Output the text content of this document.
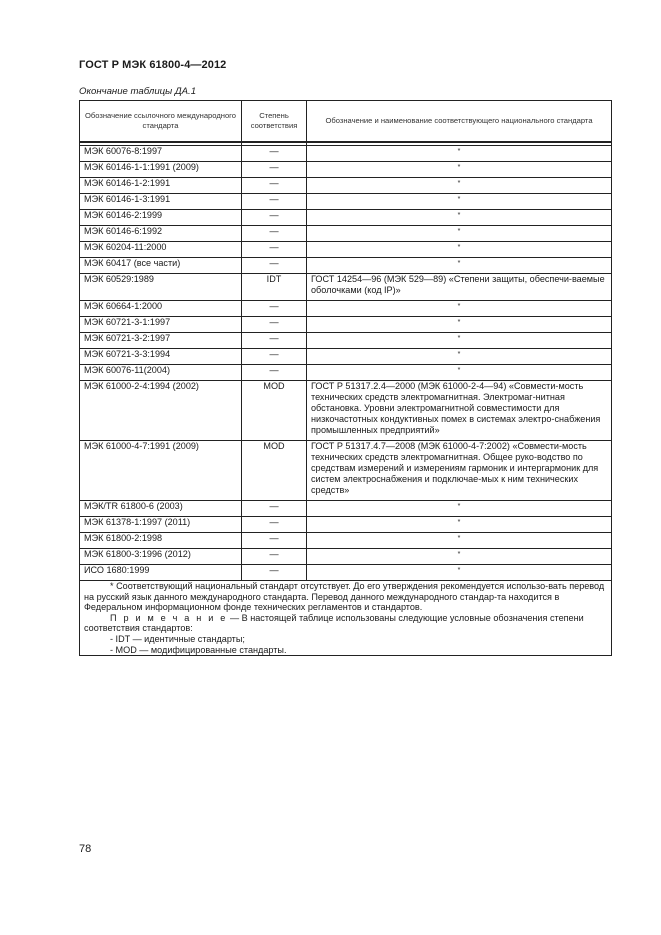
ГОСТ Р МЭК 61800-4—2012
Окончание таблицы ДА.1
Обозначение ссылочного международного стандарта	Степень соответствия	Обозначение и наименование соответствующего национального стандарта

МЭК 60076-8:1997	—	*
МЭК 60146-1-1:1991 (2009)	—	*
МЭК 60146-1-2:1991	—	*
МЭК 60146-1-3:1991	—	*
МЭК 60146-2:1999	—	*
МЭК 60146-6:1992	—	*
МЭК 60204-11:2000	—	*
МЭК 60417 (все части)	—	*
МЭК 60529:1989	IDT	ГОСТ 14254—96 (МЭК 529—89) «Степени защиты, обеспечи-ваемые оболочками (код IP)»
МЭК 60664-1:2000	—	*
МЭК 60721-3-1:1997	—	*
МЭК 60721-3-2:1997	—	*
МЭК 60721-3-3:1994	—	*
МЭК 60076-11(2004)	—	*
МЭК 61000-2-4:1994 (2002)	MOD	ГОСТ Р 51317.2.4—2000 (МЭК 61000-2-4—94) «Совмести-мость технических средств электромагнитная. Электромаг-нитная обстановка. Уровни электромагнитной совместимости для низкочастотных кондуктивных помех в системах электро-снабжения промышленных предприятий»
МЭК 61000-4-7:1991 (2009)	MOD	ГОСТ Р 51317.4.7—2008 (МЭК 61000-4-7:2002) «Совмести-мость технических средств электромагнитная. Общее руко-водство по средствам измерений и измерениям гармоник и интергармоник для систем электроснабжения и подключае-мых к ним технических средств»
МЭК/TR 61800-6 (2003)	—	*
МЭК 61378-1:1997 (2011)	—	*
МЭК 61800-2:1998	—	*
МЭК 61800-3:1996 (2012)	—	*
ИСО 1680:1999	—	*

* Соответствующий национальный стандарт отсутствует. До его утверждения рекомендуется использо-вать перевод на русский язык данного международного стандарта. Перевод данного международного стандар-та находится в Федеральном информационном фонде технических регламентов и стандартов.
П р и м е ч а н и е — В настоящей таблице использованы следующие условные обозначения степени соответствия стандартов:
- IDT — идентичные стандарты;
- MOD — модифицированные стандарты.		
78
